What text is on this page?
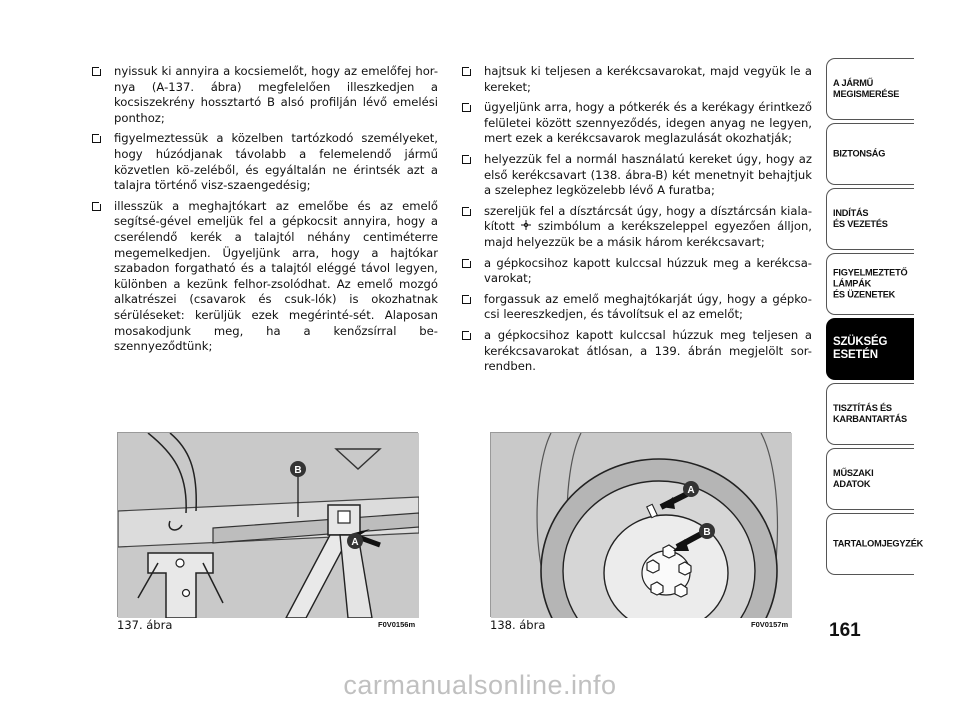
nyissuk ki annyira a kocsiemelőt, hogy az emelőfej hor-nya (A-137. ábra) megfelelően illeszkedjen a kocsiszekrény hossztartó B alsó profilján lévő emelési ponthoz;
figyelmeztessük a közelben tartózkodó személyeket, hogy húzódjanak távolabb a felemelendő jármű közvetlen kö-zeléből, és egyáltalán ne érintsék azt a talajra történő visz-szaengedésig;
illesszük a meghajtókart az emelőbe és az emelő segítsé-gével emeljük fel a gépkocsit annyira, hogy a cserélendő kerék a talajtól néhány centiméterre megemelkedjen. Ügyeljünk arra, hogy a hajtókar szabadon forgatható és a talajtól eléggé távol legyen, különben a kezünk felhor-zsolódhat. Az emelő mozgó alkatrészei (csavarok és csuk-lók) is okozhatnak sérüléseket: kerüljük ezek megérinté-sét. Alaposan mosakodjunk meg, ha a kenőzsírral be-szennyeződtünk;
hajtsuk ki teljesen a kerékcsavarokat, majd vegyük le a kereket;
ügyeljünk arra, hogy a pótkerék és a kerékagy érintkező felületei között szennyeződés, idegen anyag ne legyen, mert ezek a kerékcsavarok meglazulását okozhatják;
helyezzük fel a normál használatú kereket úgy, hogy az első kerékcsavart (138. ábra-B) két menetnyit behajtjuk a szelephez legközelebb lévő A furatba;
szereljük fel a dísztárcsát úgy, hogy a dísztárcsán kiala-kított  szimbólum a kerékszeleppel egyezően álljon, majd helyezzük be a másik három kerékcsavart;
a gépkocsihoz kapott kulccsal húzzuk meg a kerékcsa-varokat;
forgassuk az emelő meghajtókarját úgy, hogy a gépko-csi leereszkedjen, és távolítsuk el az emelőt;
a gépkocsihoz kapott kulccsal húzzuk meg teljesen a kerékcsavarokat átlósan, a 139. ábrán megjelölt sor-rendben.
B
A
137. ábra	F0V0156m
A
B
138. ábra	F0V0157m
A JÁRMŰ
MEGISMERÉSE
BIZTONSÁG
INDÍTÁS
ÉS VEZETÉS
FIGYELMEZTETŐ
LÁMPÁK
ÉS ÜZENETEK
SZÜKSÉG
ESETÉN
TISZTÍTÁS ÉS
KARBANTARTÁS
MŰSZAKI
ADATOK
TARTALOMJEGYZÉK
161
carmanualsonline.info
